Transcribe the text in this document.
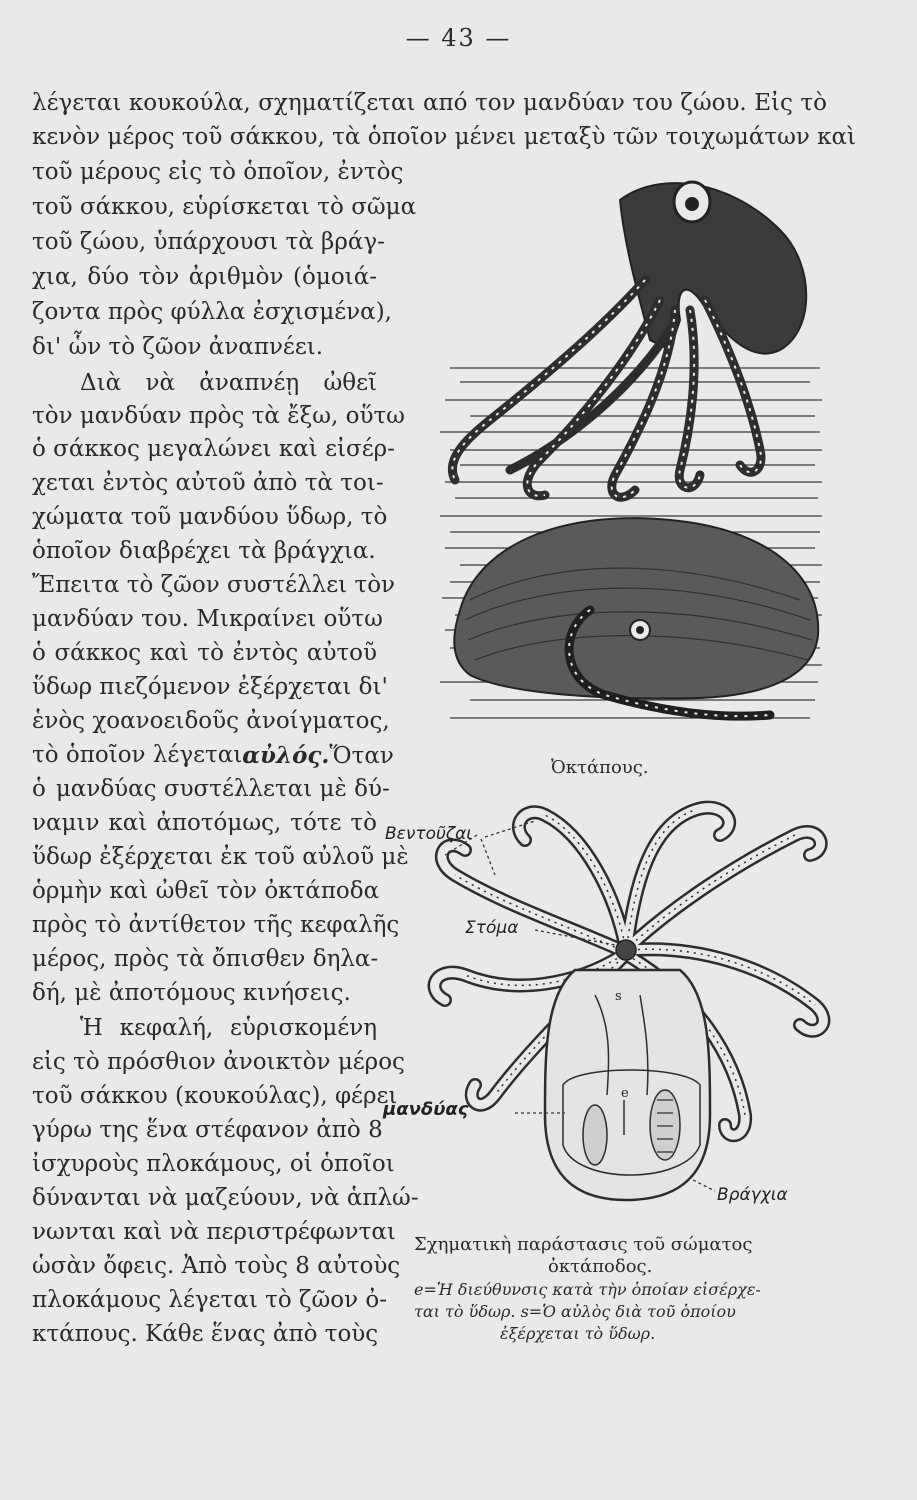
— 43 —
λέγεται κουκούλα, σχηματίζεται από τον μανδύαν του ζώου. Εἰς τὸ
κενὸν μέρος τοῦ σάκκου, τὰ ὁποῖον μένει μεταξὺ τῶν τοιχωμάτων καὶ
τοῦ μέρους εἰς τὸ ὁποῖον, ἐντὸς
τοῦ σάκκου, εὑρίσκεται τὸ σῶμα
τοῦ ζώου, ὑπάρχουσι τὰ βράγ-
χια, δύο τὸν ἀριθμὸν (ὁμοιά-
ζοντα πρὸς φύλλα ἐσχισμένα),
δι' ὧν τὸ ζῶον ἀναπνέει.
Διὰ νὰ ἀναπνέῃ ὠθεῖ
τὸν μανδύαν πρὸς τὰ ἔξω, οὕτω
ὁ σάκκος μεγαλώνει καὶ εἰσέρ-
χεται ἐντὸς αὐτοῦ ἀπὸ τὰ τοι-
χώματα τοῦ μανδύου ὕδωρ, τὸ
ὁποῖον διαβρέχει τὰ βράγχια.
Ἔπειτα τὸ ζῶον συστέλλει τὸν
μανδύαν του. Μικραίνει οὕτω
ὁ σάκκος καὶ τὸ ἐντὸς αὐτοῦ
ὕδωρ πιεζόμενον ἐξέρχεται δι'
ἑνὸς χοανοειδοῦς ἀνοίγματος,
τὸ ὁποῖον λέγεται αὐλός.Ὅταν
ὁ μανδύας συστέλλεται μὲ δύ-
ναμιν καὶ ἀποτόμως, τότε τὸ
ὕδωρ ἐξέρχεται ἐκ τοῦ αὐλοῦ μὲ
ὁρμὴν καὶ ὠθεῖ τὸν ὀκτάποδα
πρὸς τὸ ἀντίθετον τῆς κεφαλῆς
μέρος, πρὸς τὰ ὄπισθεν δηλα-
δή, μὲ ἀποτόμους κινήσεις.
Ἡ κεφαλή, εὑρισκομένη
εἰς τὸ πρόσθιον ἀνοικτὸν μέρος
τοῦ σάκκου (κουκούλας), φέρει
γύρω της ἕνα στέφανον ἀπὸ 8
ἰσχυροὺς πλοκάμους, οἱ ὁποῖοι
δύνανται νὰ μαζεύουν, νὰ ἁπλώ-
νωνται καὶ νὰ περιστρέφωνται
ὡσὰν ὄφεις. Ἀπὸ τοὺς 8 αὐτοὺς
πλοκάμους λέγεται τὸ ζῶον ὀ-
κτάπους. Κάθε ἕνας ἀπὸ τοὺς
Ὀκτάπους.
Βεντοῦζαι
Στόμα
μανδύας
Βράγχια
e
s
Σχηματικὴ παράστασις τοῦ σώματος
ὀκτάποδος.
e=Ἡ διεύθυνσις κατὰ τὴν ὁποίαν εἰσέρχε-
ται τὸ ὕδωρ. s=Ὁ αὐλὸς διὰ τοῦ ὁποίου
ἐξέρχεται τὸ ὕδωρ.
